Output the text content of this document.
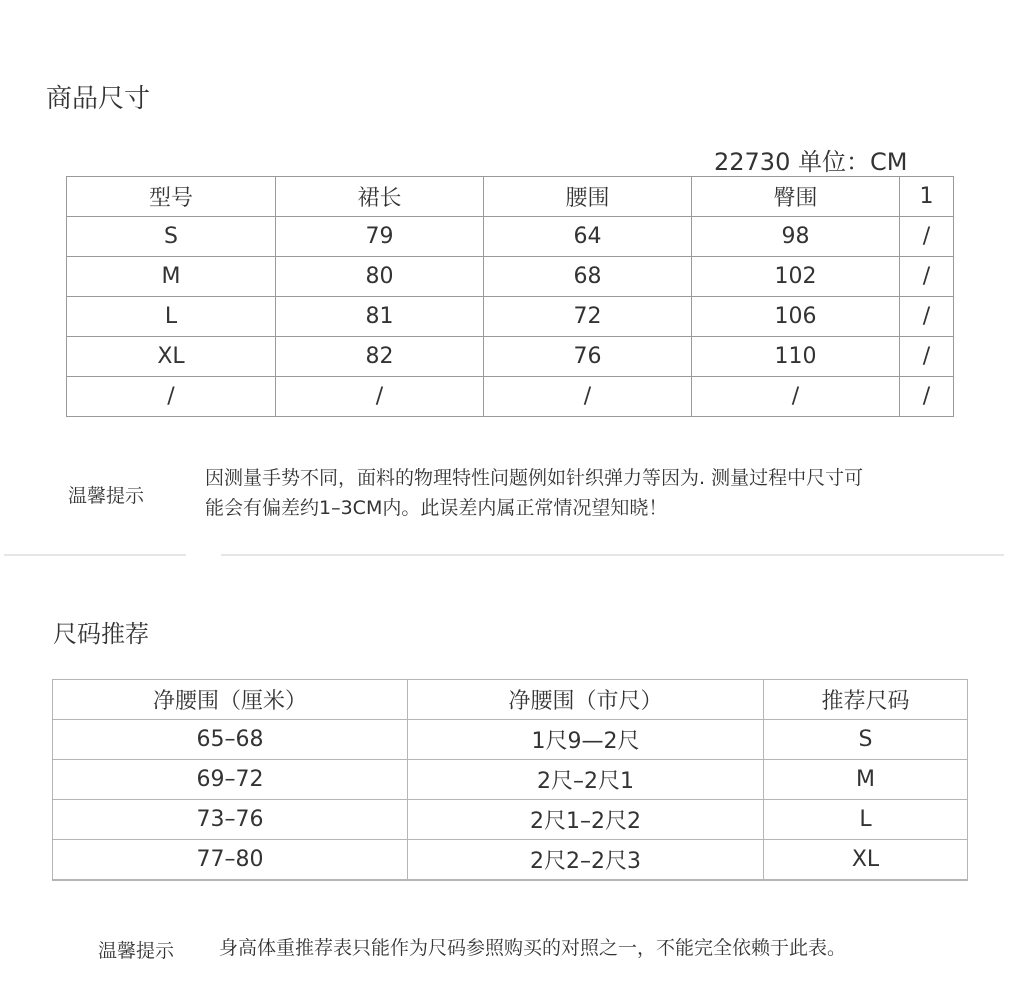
商品尺寸
22730 单位：CM
型号	裙长	腰围	臀围	1
S	79	64	98	/
M	80	68	102	/
L	81	72	106	/
XL	82	76	110	/
/	/	/	/	/
温馨提示
因测量手势不同，面料的物理特性问题例如针织弹力等因为. 测量过程中尺寸可
能会有偏差约1–3CM内。此误差内属正常情况望知晓！
尺码推荐
净腰围（厘米）	净腰围（市尺）	推荐尺码
65–68	1尺9—2尺	S
69–72	2尺–2尺1	M
73–76	2尺1–2尺2	L
77–80	2尺2–2尺3	XL
温馨提示 身高体重推荐表只能作为尺码参照购买的对照之一，不能完全依赖于此表。
